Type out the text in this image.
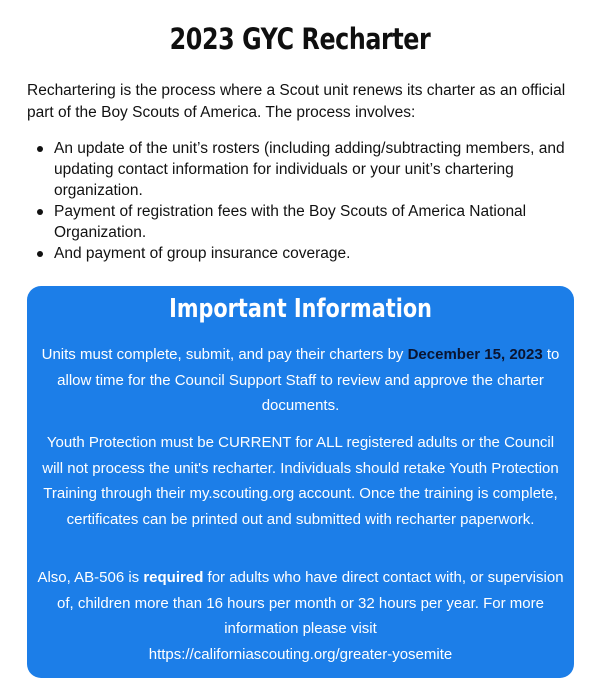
2023 GYC Recharter

Rechartering is the process where a Scout unit renews its charter as an official part of the Boy Scouts of America. The process involves:

An update of the unit’s rosters (including adding/subtracting members, and updating contact information for individuals or your unit’s chartering organization.
Payment of registration fees with the Boy Scouts of America National Organization.
And payment of group insurance coverage.
Important Information

Units must complete, submit, and pay their charters by December 15, 2023 to allow time for the Council Support Staff to review and approve the charter documents.

Youth Protection must be CURRENT for ALL registered adults or the Council will not process the unit's recharter. Individuals should retake Youth Protection Training through their my.scouting.org account. Once the training is complete, certificates can be printed out and submitted with recharter paperwork.

Also, AB-506 is required for adults who have direct contact with, or supervision of, children more than 16 hours per month or 32 hours per year. For more information please visit
https://californiascouting.org/greater-yosemite
